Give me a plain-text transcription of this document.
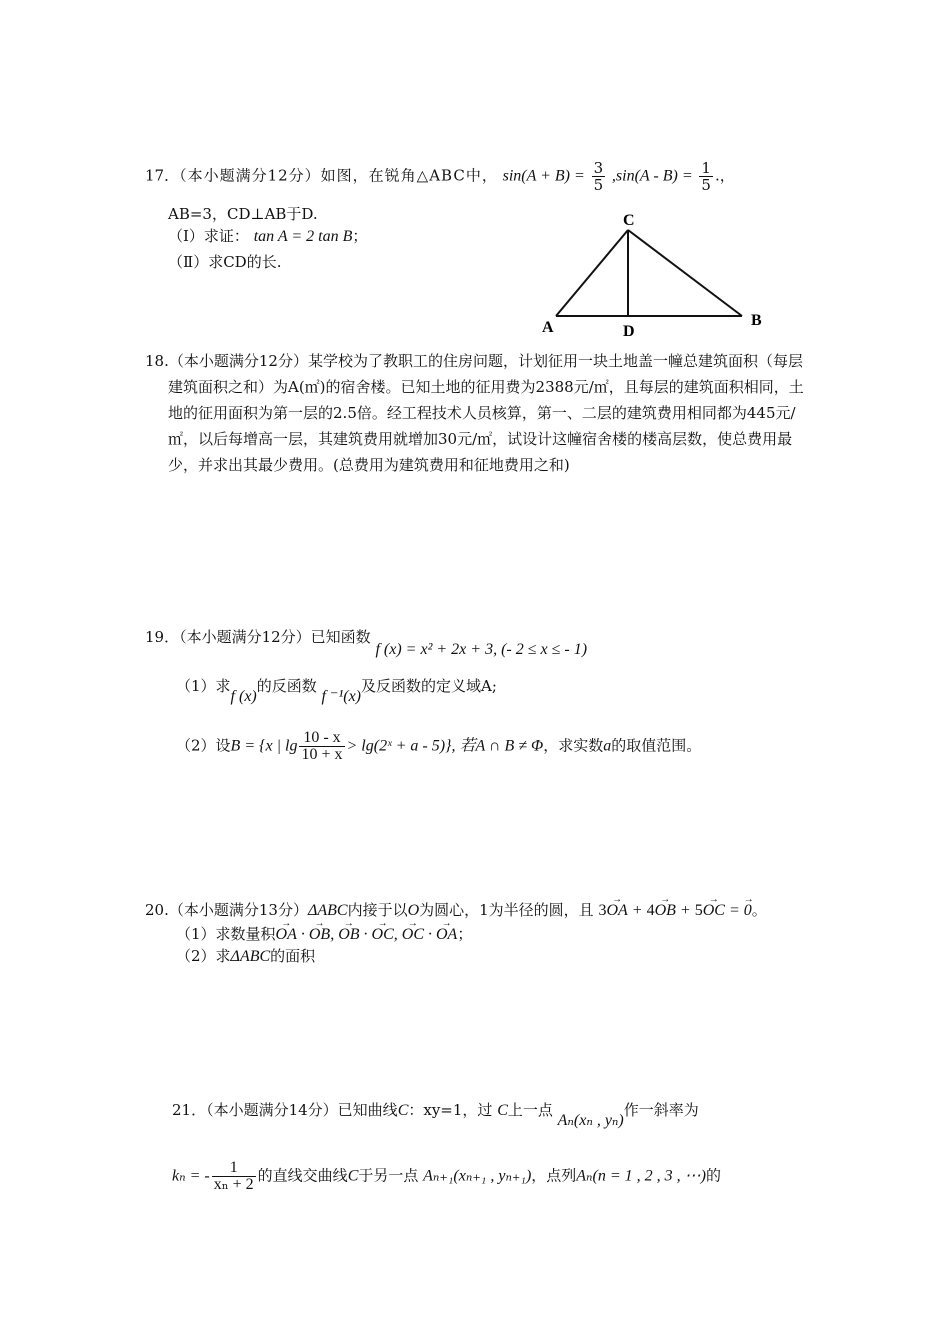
17．（本小题满分12分）如图，在锐角△ABC中， $\sin(A + B) = \frac{3}{5} ,\sin(A - B) = \frac{1}{5}$ .，
AB=3，CD⊥AB于D.
（Ⅰ）求证： tan A = 2 tan B；
（Ⅱ）求CD的长.
C
A	D
B
18.（本小题满分12分）某学校为了教职工的住房问题，计划征用一块土地盖一幢总建筑面积（每层建筑面积之和）为A(㎡)的宿舍楼。已知土地的征用费为2388元/㎡，且每层的建筑面积相同，土地的征用面积为第一层的2.5倍。经工程技术人员核算，第一、二层的建筑费用相同都为445元/㎡，以后每增高一层，其建筑费用就增加30元/㎡，试设计这幢宿舍楼的楼高层数，使总费用最少，并求出其最少费用。(总费用为建筑费用和征地费用之和)
19．（本小题满分12分）已知函数 f (x) = x² + 2x + 3, (- 2 ≤ x ≤ - 1)
（1）求f (x)的反函数 f ⁻¹(x)及反函数的定义域A;
（2）设B = {x | $\lg \frac{10 - x}{10 + x}$ > lg(2ˣ + a - 5)}, 若A ∩ B ≠ Φ，求实数a的取值范围。
20.（本小题满分13分）ΔABC内接于以O为圆心，1为半径的圆，且 3→ OA + 4→ OB + 5→ OC = → 0。
（1）求数量积→ OA · → OB, → OB · → OC, → OC · → OA；
（2）求ΔABC的面积
21．（本小题满分14分）已知曲线C：xy=1，过 C上一点 Aₙ(xₙ , yₙ)作一斜率为
kₙ = - $\frac{1}{\text{xₙ + 2}}$ 的直线交曲线C于另一点 Aₙ₊₁(xₙ₊₁ , yₙ₊₁)，点列Aₙ(n = 1 , 2 , 3 , ⋯)的
